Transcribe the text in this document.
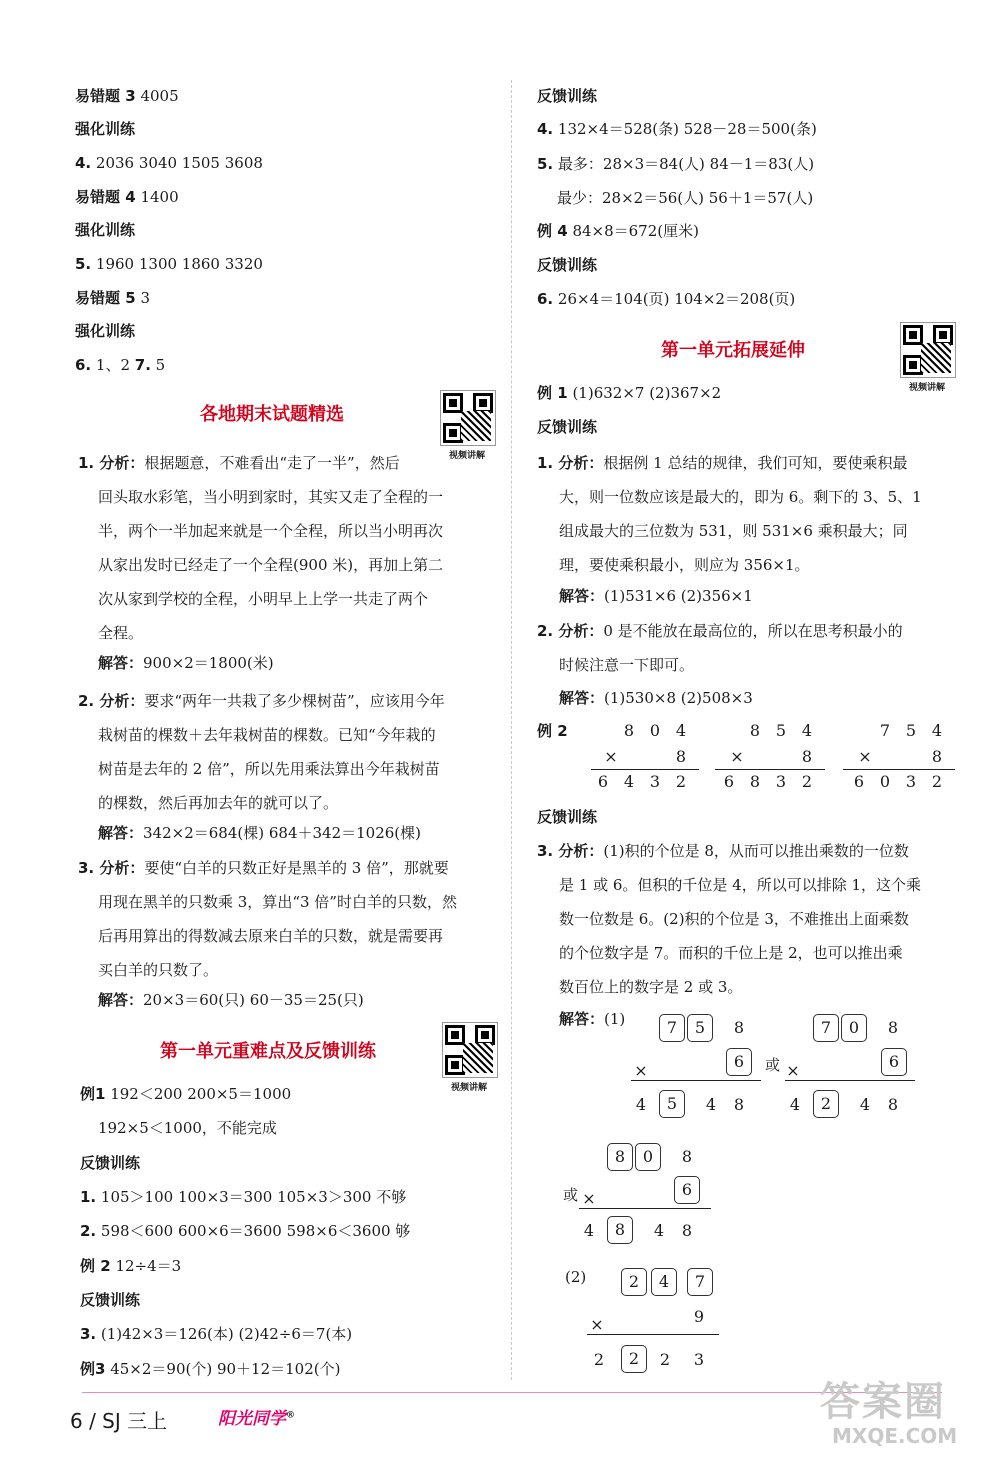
易错题 3 4005
强化训练
4. 2036 3040 1505 3608
易错题 4 1400
强化训练
5. 1960 1300 1860 3320
易错题 5 3
强化训练
6. 1、2 7. 5
各地期末试题精选
视频讲解
1. 分析：根据题意，不难看出“走了一半”，然后
回头取水彩笔，当小明到家时，其实又走了全程的一
半，两个一半加起来就是一个全程，所以当小明再次
从家出发时已经走了一个全程(900 米)，再加上第二
次从家到学校的全程，小明早上上学一共走了两个
全程。
解答：900×2＝1800(米)
2. 分析：要求“两年一共栽了多少棵树苗”，应该用今年
栽树苗的棵数＋去年栽树苗的棵数。已知“今年栽的
树苗是去年的 2 倍”，所以先用乘法算出今年栽树苗
的棵数，然后再加去年的就可以了。
解答：342×2＝684(棵) 684＋342＝1026(棵)
3. 分析：要使“白羊的只数正好是黑羊的 3 倍”，那就要
用现在黑羊的只数乘 3，算出“3 倍”时白羊的只数，然
后再用算出的得数减去原来白羊的只数，就是需要再
买白羊的只数了。
解答：20×3＝60(只) 60－35＝25(只)
第一单元重难点及反馈训练
视频讲解
例1 192＜200 200×5＝1000
192×5＜1000，不能完成
反馈训练
1. 105＞100 100×3＝300 105×3＞300 不够
2. 598＜600 600×6＝3600 598×6＜3600 够
例 2 12÷4＝3
反馈训练
3. (1)42×3＝126(本) (2)42÷6＝7(本)
例3 45×2＝90(个) 90＋12＝102(个)
反馈训练
4. 132×4＝528(条) 528－28＝500(条)
5. 最多：28×3＝84(人) 84－1＝83(人)
最少：28×2＝56(人) 56＋1＝57(人)
例 4 84×8＝672(厘米)
反馈训练
6. 26×4＝104(页) 104×2＝208(页)
第一单元拓展延伸
视频讲解
例 1 (1)632×7 (2)367×2
反馈训练
1. 分析：根据例 1 总结的规律，我们可知，要使乘积最
大，则一位数应该是最大的，即为 6。剩下的 3、5、1
组成最大的三位数为 531，则 531×6 乘积最大；同
理，要使乘积最小，则应为 356×1。
解答：(1)531×6 (2)356×1
2. 分析：0 是不能放在最高位的，所以在思考积最小的
时候注意一下即可。
解答：(1)530×8 (2)508×3
例 2	8 0 4
×	8
6 4 3 2
8 5 4
×	8
6 8 3 2
7 5 4
×	8
6 0 3 2
反馈训练
3. 分析：(1)积的个位是 8，从而可以推出乘数的一位数
是 1 或 6。但积的千位是 4，所以可以排除 1，这个乘
数一位数是 6。(2)积的个位是 3，不难推出上面乘数
的个位数字是 7。而积的千位上是 2，也可以推出乘
数百位上的数字是 2 或 3。
解答：(1)	7	5	8
×	6
4	5	4	8
或
7	0	8
×	6
4	2	4	8
或
8	0	8
×	6
4	8	4	8
(2)	2	4	7
×	9
2	2	2	3
6 / SJ 三上	阳光同学®	答案圈
MXQE.COM
